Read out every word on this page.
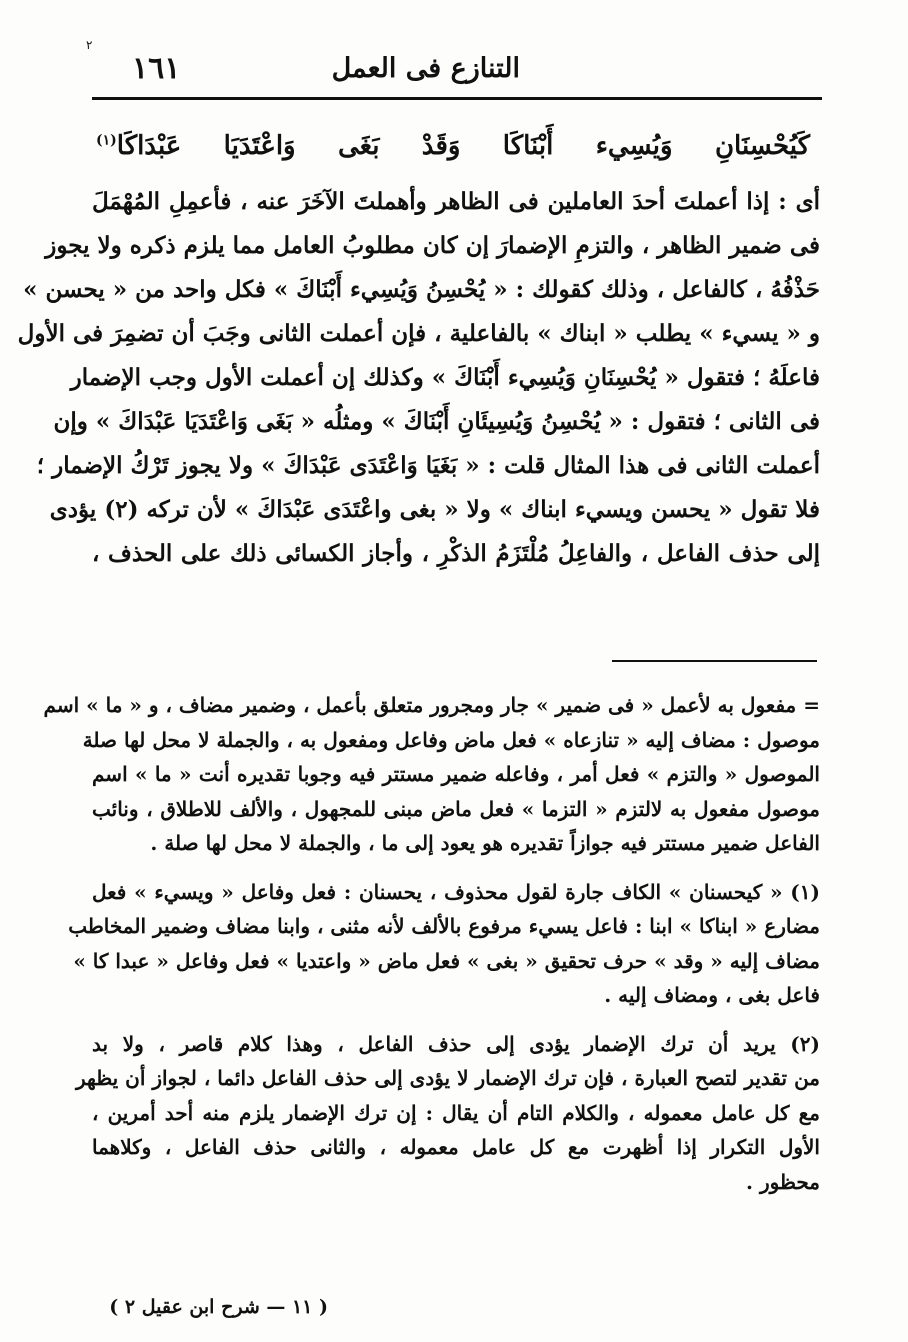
٢
التنازع فى العمل
١٦١
كَيُحْسِنَانِ
وَيُسِيء
أَبْنَاكَا
وَقَدْ
بَغَى
وَاعْتَدَيَا
عَبْدَاكَا$^{(١)}$

أى : إذا أعملتَ أحدَ العاملين فى الظاهر وأهملتَ الآخَرَ عنه ، فأعمِلِ المُهْمَلَ

فى ضمير الظاهر ، والتزمِ الإضمارَ إن كان مطلوبُ العامل مما يلزم ذكره ولا يجوز

حَذْفُهُ ، كالفاعل ، وذلك كقولك : « يُحْسِنُ وَيُسِيء أَبْنَاكَ » فكل واحد من « يحسن »

و « يسيء » يطلب « ابناك » بالفاعلية ، فإن أعملت الثانى وجَبَ أن تضمِرَ فى الأول

فاعلَهُ ؛ فتقول « يُحْسِنَانِ وَيُسِيء أَبْنَاكَ » وكذلك إن أعملت الأول وجب الإضمار

فى الثانى ؛ فتقول : « يُحْسِنُ وَيُسِيئَانِ أَبْنَاكَ » ومثلُه « بَغَى وَاعْتَدَيَا عَبْدَاكَ » وإن

أعملت الثانى فى هذا المثال قلت : « بَغَيَا وَاعْتَدَى عَبْدَاكَ » ولا يجوز تَرْكُ الإضمار ؛

فلا تقول « يحسن ويسيء ابناك » ولا « بغى واعْتَدَى عَبْدَاكَ » لأن تركه (٢) يؤدى

إلى حذف الفاعل ، والفاعِلُ مُلْتَزَمُ الذكْرِ ، وأجاز الكسائى ذلك على الحذف ،

= مفعول به لأعمل « فى ضمير » جار ومجرور متعلق بأعمل ، وضمير مضاف ، و « ما » اسم

موصول : مضاف إليه « تنازعاه » فعل ماض وفاعل ومفعول به ، والجملة لا محل لها صلة

الموصول « والتزم » فعل أمر ، وفاعله ضمير مستتر فيه وجوبا تقديره أنت « ما » اسم

موصول مفعول به لالتزم « التزما » فعل ماض مبنى للمجهول ، والألف للاطلاق ، ونائب

الفاعل ضمير مستتر فيه جوازاً تقديره هو يعود إلى ما ، والجملة لا محل لها صلة .

(١) « كيحسنان » الكاف جارة لقول محذوف ، يحسنان : فعل وفاعل « ويسيء » فعل

مضارع « ابناكا » ابنا : فاعل يسيء مرفوع بالألف لأنه مثنى ، وابنا مضاف وضمير المخاطب

مضاف إليه « وقد » حرف تحقيق « بغى » فعل ماض « واعتديا » فعل وفاعل « عبدا كا »

فاعل بغى ، ومضاف إليه .

(٢) يريد أن ترك الإضمار يؤدى إلى حذف الفاعل ، وهذا كلام قاصر ، ولا بد

من تقدير لتصح العبارة ، فإن ترك الإضمار لا يؤدى إلى حذف الفاعل دائما ، لجواز أن يظهر

مع كل عامل معموله ، والكلام التام أن يقال : إن ترك الإضمار يلزم منه أحد أمرين ،

الأول التكرار إذا أظهرت مع كل عامل معموله ، والثانى حذف الفاعل ، وكلاهما

محظور .

( ١١ — شرح ابن عقيل ٢ )
